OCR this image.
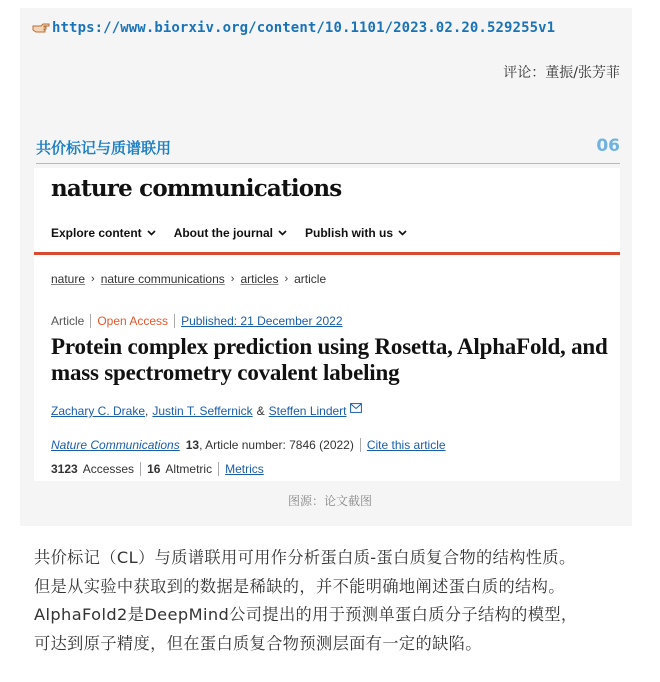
https://www.biorxiv.org/content/10.1101/2023.02.20.529255v1
评论：董振/张芳菲
共价标记与质谱联用	06
nature communications
Explore content	About the journal	Publish with us
nature › nature communications › articles › article
Article Open Access Published: 21 December 2022
Protein complex prediction using Rosetta, AlphaFold, and mass spectrometry covalent labeling
Zachary C. Drake , Justin T. Seffernick & Steffen Lindert
Nature Communications 13 , Article number: 7846 (2022) Cite this article
3123 Accesses 16 Altmetric Metrics
图源：论文截图

共价标记（CL）与质谱联用可用作分析蛋白质-蛋白质复合物的结构性质。

但是从实验中获取到的数据是稀缺的，并不能明确地阐述蛋白质的结构。

AlphaFold2是DeepMind公司提出的用于预测单蛋白质分子结构的模型，

可达到原子精度，但在蛋白质复合物预测层面有一定的缺陷。
